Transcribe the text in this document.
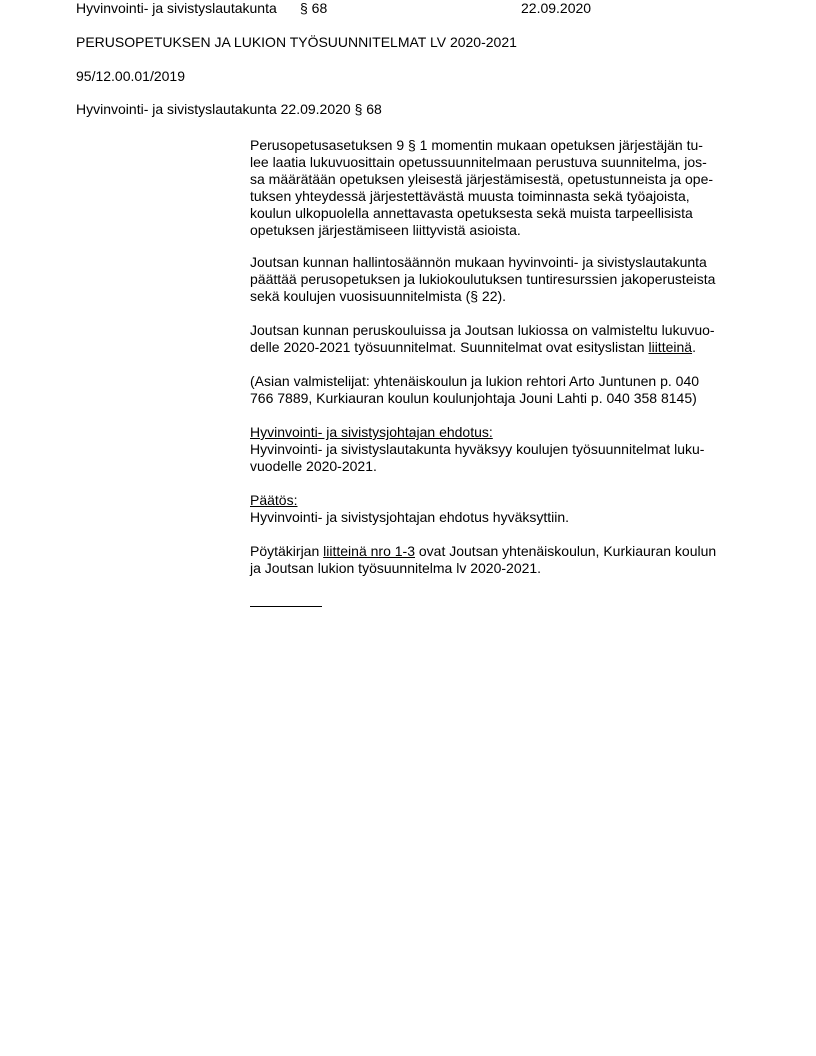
Hyvinvointi- ja sivistyslautakunta § 68	22.09.2020

PERUSOPETUKSEN JA LUKION TYÖSUUNNITELMAT LV 2020-2021

95/12.00.01/2019

Hyvinvointi- ja sivistyslautakunta 22.09.2020 § 68

Perusopetusasetuksen 9 § 1 momentin mukaan opetuksen järjestäjän tu-
lee laatia lukuvuosittain opetussuunnitelmaan perustuva suunnitelma, jos-
sa määrätään opetuksen yleisestä järjestämisestä, opetustunneista ja ope-
tuksen yhteydessä järjestettävästä muusta toiminnasta sekä työajoista,
koulun ulkopuolella annettavasta opetuksesta sekä muista tarpeellisista
opetuksen järjestämiseen liittyvistä asioista.
Joutsan kunnan hallintosäännön mukaan hyvinvointi- ja sivistyslautakunta
päättää perusopetuksen ja lukiokoulutuksen tuntiresurssien jakoperusteista
sekä koulujen vuosisuunnitelmista (§ 22).
Joutsan kunnan peruskouluissa ja Joutsan lukiossa on valmisteltu lukuvuo-
delle 2020-2021 työsuunnitelmat. Suunnitelmat ovat esityslistan liitteinä.
(Asian valmistelijat: yhtenäiskoulun ja lukion rehtori Arto Juntunen p. 040
766 7889, Kurkiauran koulun koulunjohtaja Jouni Lahti p. 040 358 8145)
Hyvinvointi- ja sivistysjohtajan ehdotus:
Hyvinvointi- ja sivistyslautakunta hyväksyy koulujen työsuunnitelmat luku-
vuodelle 2020-2021.
Päätös:
Hyvinvointi- ja sivistysjohtajan ehdotus hyväksyttiin.
Pöytäkirjan liitteinä nro 1-3 ovat Joutsan yhtenäiskoulun, Kurkiauran koulun
ja Joutsan lukion työsuunnitelma lv 2020-2021.
